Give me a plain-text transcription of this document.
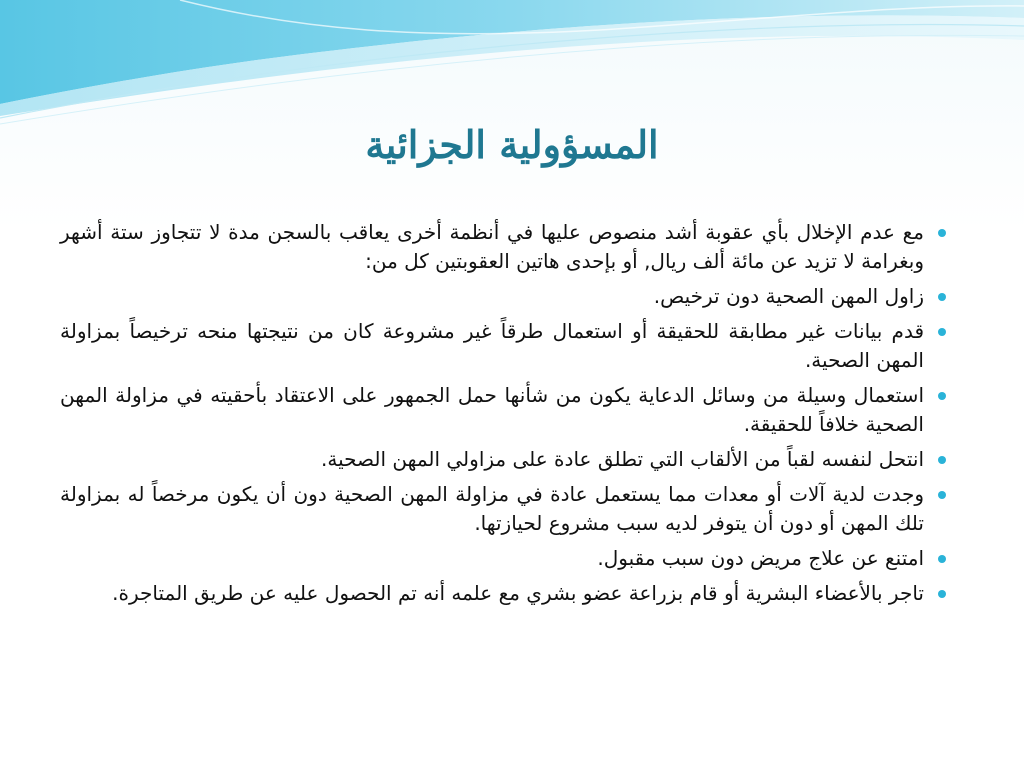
المسؤولية الجزائية
مع عدم الإخلال بأي عقوبة أشد منصوص عليها في أنظمة أخرى يعاقب بالسجن مدة لا تتجاوز ستة أشهر وبغرامة لا تزيد عن مائة ألف ريال, أو بإحدى هاتين العقوبتين كل من:
زاول المهن الصحية دون ترخيص.
قدم بيانات غير مطابقة للحقيقة أو استعمال طرقاً غير مشروعة كان من نتيجتها منحه ترخيصاً بمزاولة المهن الصحية.
استعمال وسيلة من وسائل الدعاية يكون من شأنها حمل الجمهور على الاعتقاد بأحقيته في مزاولة المهن الصحية خلافاً للحقيقة.
انتحل لنفسه لقباً من الألقاب التي تطلق عادة على مزاولي المهن الصحية.
وجدت لدية آلات أو معدات مما يستعمل عادة في مزاولة المهن الصحية دون أن يكون مرخصاً له بمزاولة تلك المهن أو دون أن يتوفر لديه سبب مشروع لحيازتها.
امتنع عن علاج مريض دون سبب مقبول.
تاجر بالأعضاء البشرية أو قام بزراعة عضو بشري مع علمه أنه تم الحصول عليه عن طريق المتاجرة.
